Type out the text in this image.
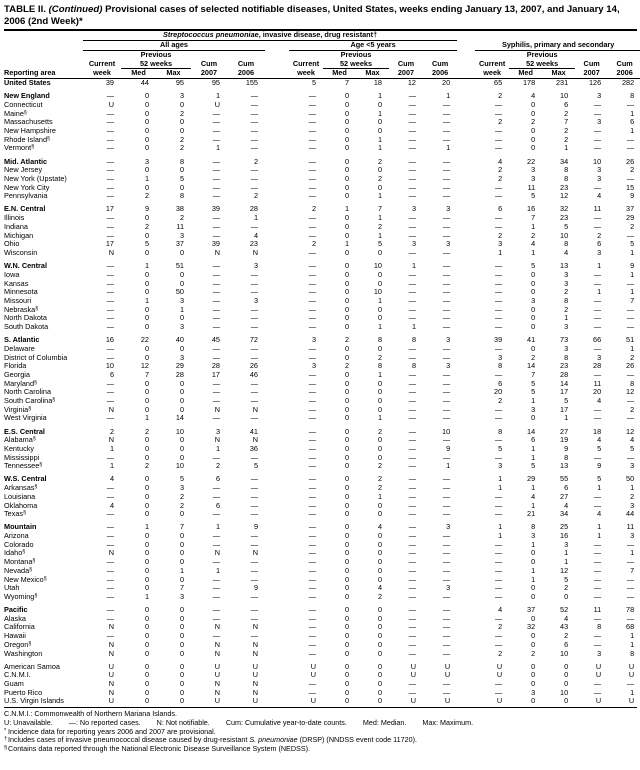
TABLE II. (Continued) Provisional cases of selected notifiable diseases, United States, weeks ending January 13, 2007, and January 14, 2006 (2nd Week)*
	Streptococcus pneumoniae, invasive disease, drug resistant†																
	All ages						Age <5 years						Syphilis, primary and secondary				
		Previous						Previous						Previous			
	Current	52 weeks		Cum	Cum		Current	52 weeks		Cum	Cum		Current	52 weeks		Cum	Cum
Reporting area	week	Med	Max	2007	2006		week	Med	Max	2007	2006		week	Med	Max	2007	2006
United States	39	44	95	95	155		5	7	18	12	20		65	178	231	126	282

New England	—	0	3	1	—		—	0	1	—	1		2	4	10	3	8
Connecticut	U	0	0	U	—		—	0	0	—	—		—	0	6	—	—
Maine§	—	0	2	—	—		—	0	1	—	—		—	0	2	—	1
Massachusetts	—	0	0	—	—		—	0	0	—	—		2	2	7	3	6
New Hampshire	—	0	0	—	—		—	0	0	—	—		—	0	2	—	1
Rhode Island§	—	0	2	—	—		—	0	1	—	—		—	0	2	—	—
Vermont§	—	0	2	1	—		—	0	1	—	1		—	0	1	—	—

Mid. Atlantic	—	3	8	—	2		—	0	2	—	—		4	22	34	10	26
New Jersey	—	0	0	—	—		—	0	0	—	—		2	3	8	3	2
New York (Upstate)	—	1	5	—	—		—	0	2	—	—		2	3	8	3	—
New York City	—	0	0	—	—		—	0	0	—	—		—	11	23	—	15
Pennsylvania	—	2	8	—	2		—	0	1	—	—		—	5	12	4	9

E.N. Central	17	9	38	39	28		2	1	7	3	3		6	16	32	11	37
Illinois	—	0	2	—	1		—	0	1	—	—		—	7	23	—	29
Indiana	—	2	11	—	—		—	0	2	—	—		—	1	5	—	2
Michigan	—	0	3	—	4		—	0	1	—	—		2	2	10	2	—
Ohio	17	5	37	39	23		2	1	5	3	3		3	4	8	6	5
Wisconsin	N	0	0	N	N		—	0	0	—	—		1	1	4	3	1

W.N. Central	—	1	51	—	3		—	0	10	1	—		—	5	13	1	9
Iowa	—	0	0	—	—		—	0	0	—	—		—	0	3	—	1
Kansas	—	0	0	—	—		—	0	0	—	—		—	0	3	—	—
Minnesota	—	0	50	—	—		—	0	10	—	—		—	0	2	1	1
Missouri	—	1	3	—	3		—	0	1	—	—		—	3	8	—	7
Nebraska§	—	0	1	—	—		—	0	0	—	—		—	0	2	—	—
North Dakota	—	0	0	—	—		—	0	0	—	—		—	0	1	—	—
South Dakota	—	0	3	—	—		—	0	1	1	—		—	0	3	—	—

S. Atlantic	16	22	40	45	72		3	2	8	8	3		39	41	73	66	51
Delaware	—	0	0	—	—		—	0	0	—	—		—	0	3	—	1
District of Columbia	—	0	3	—	—		—	0	2	—	—		3	2	8	3	2
Florida	10	12	29	28	26		3	2	8	8	3		8	14	23	28	26
Georgia	6	7	28	17	46		—	0	1	—	—		—	7	28	—	—
Maryland§	—	0	0	—	—		—	0	0	—	—		6	5	14	11	8
North Carolina	—	0	0	—	—		—	0	0	—	—		20	5	17	20	12
South Carolina§	—	0	0	—	—		—	0	0	—	—		2	1	5	4	—
Virginia§	N	0	0	N	N		—	0	0	—	—		—	3	17	—	2
West Virginia	—	1	14	—	—		—	0	1	—	—		—	0	1	—	—

E.S. Central	2	2	10	3	41		—	0	2	—	10		8	14	27	18	12
Alabama§	N	0	0	N	N		—	0	0	—	—		—	6	19	4	4
Kentucky	1	0	0	1	36		—	0	0	—	9		5	1	9	5	5
Mississippi	—	0	0	—	—		—	0	0	—	—		—	1	8	—	—
Tennessee§	1	2	10	2	5		—	0	2	—	1		3	5	13	9	3

W.S. Central	4	0	5	6	—		—	0	2	—	—		1	29	55	5	50
Arkansas§	—	0	3	—	—		—	0	2	—	—		1	1	6	1	1
Louisiana	—	0	2	—	—		—	0	1	—	—		—	4	27	—	2
Oklahoma	4	0	2	6	—		—	0	0	—	—		—	1	4	—	3
Texas§	—	0	0	—	—		—	0	0	—	—		—	21	34	4	44

Mountain	—	1	7	1	9		—	0	4	—	3		1	8	25	1	11
Arizona	—	0	0	—	—		—	0	0	—	—		1	3	16	1	3
Colorado	—	0	0	—	—		—	0	0	—	—		—	1	3	—	—
Idaho§	N	0	0	N	N		—	0	0	—	—		—	0	1	—	1
Montana§	—	0	0	—	—		—	0	0	—	—		—	0	1	—	—
Nevada§	—	0	1	1	—		—	0	0	—	—		—	1	12	—	7
New Mexico§	—	0	0	—	—		—	0	0	—	—		—	1	5	—	—
Utah	—	0	7	—	9		—	0	4	—	3		—	0	2	—	—
Wyoming§	—	1	3	—	—		—	0	2	—	—		—	0	0	—	—

Pacific	—	0	0	—	—		—	0	0	—	—		4	37	52	11	78
Alaska	—	0	0	—	—		—	0	0	—	—		—	0	4	—	—
California	N	0	0	N	N		—	0	0	—	—		2	32	43	8	68
Hawaii	—	0	0	—	—		—	0	0	—	—		—	0	2	—	1
Oregon§	N	0	0	N	N		—	0	0	—	—		—	0	6	—	1
Washington	N	0	0	N	N		—	0	0	—	—		2	2	10	3	8

American Samoa	U	0	0	U	U		U	0	0	U	U		U	0	0	U	U
C.N.M.I.	U	0	0	U	U		U	0	0	U	U		U	0	0	U	U
Guam	N	0	0	N	N		—	0	0	—	—		—	0	0	—	—
Puerto Rico	N	0	0	N	N		—	0	0	—	—		—	3	10	—	1
U.S. Virgin Islands	U	0	0	U	U		U	0	0	U	U		U	0	0	U	U
C.N.M.I.: Commonwealth of Northern Mariana Islands.
U: Unavailable. —: No reported cases. N: Not notifiable. Cum: Cumulative year-to-date counts. Med: Median. Max: Maximum.
* Incidence data for reporting years 2006 and 2007 are provisional.
†Includes cases of invasive pneumococcal disease caused by drug-resistant S. pneumoniae (DRSP) (NNDSS event code 11720).
§Contains data reported through the National Electronic Disease Surveillance System (NEDSS).
